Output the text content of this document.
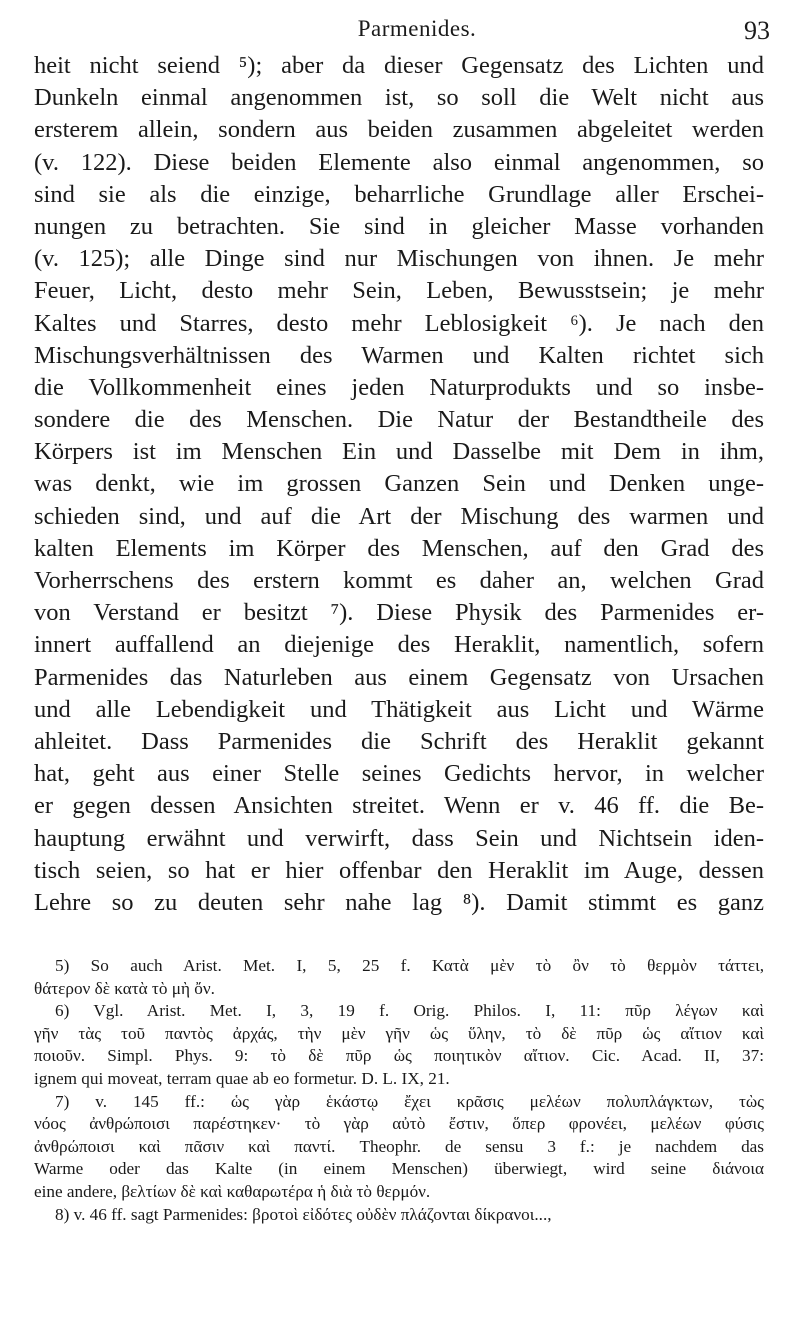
Parmenides.	93
heit nicht seiend ⁵); aber da dieser Gegensatz des Lichten und
Dunkeln einmal angenommen ist, so soll die Welt nicht aus
ersterem allein, sondern aus beiden zusammen abgeleitet werden
(v. 122). Diese beiden Elemente also einmal angenommen, so
sind sie als die einzige, beharrliche Grundlage aller Erschei-
nungen zu betrachten. Sie sind in gleicher Masse vorhanden
(v. 125); alle Dinge sind nur Mischungen von ihnen. Je mehr
Feuer, Licht, desto mehr Sein, Leben, Bewusstsein; je mehr
Kaltes und Starres, desto mehr Leblosigkeit ⁶). Je nach den
Mischungsverhältnissen des Warmen und Kalten richtet sich
die Vollkommenheit eines jeden Naturprodukts und so insbe-
sondere die des Menschen. Die Natur der Bestandtheile des
Körpers ist im Menschen Ein und Dasselbe mit Dem in ihm,
was denkt, wie im grossen Ganzen Sein und Denken unge-
schieden sind, und auf die Art der Mischung des warmen und
kalten Elements im Körper des Menschen, auf den Grad des
Vorherrschens des erstern kommt es daher an, welchen Grad
von Verstand er besitzt ⁷). Diese Physik des Parmenides er-
innert auffallend an diejenige des Heraklit, namentlich, sofern
Parmenides das Naturleben aus einem Gegensatz von Ursachen
und alle Lebendigkeit und Thätigkeit aus Licht und Wärme
ahleitet. Dass Parmenides die Schrift des Heraklit gekannt
hat, geht aus einer Stelle seines Gedichts hervor, in welcher
er gegen dessen Ansichten streitet. Wenn er v. 46 ff. die Be-
hauptung erwähnt und verwirft, dass Sein und Nichtsein iden-
tisch seien, so hat er hier offenbar den Heraklit im Auge, dessen
Lehre so zu deuten sehr nahe lag ⁸). Damit stimmt es ganz
5) So auch Arist. Met. I, 5, 25 f. Κατὰ μὲν τὸ ὂν τὸ θερμὸν τάττει,
θάτερον δὲ κατὰ τὸ μὴ ὄν.
6) Vgl. Arist. Met. I, 3, 19 f. Orig. Philos. I, 11: πῦρ λέγων καὶ
γῆν τὰς τοῦ παντὸς ἀρχάς, τὴν μὲν γῆν ὡς ὕλην, τὸ δὲ πῦρ ὡς αἴτιον καὶ
ποιοῦν. Simpl. Phys. 9: τὸ δὲ πῦρ ὡς ποιητικὸν αἴτιον. Cic. Acad. II, 37:
ignem qui moveat, terram quae ab eo formetur. D. L. IX, 21.
7) v. 145 ff.: ὡς γὰρ ἑκάστῳ ἔχει κρᾶσις μελέων πολυπλάγκτων, τὼς
νόος ἀνθρώποισι παρέστηκεν· τὸ γὰρ αὐτὸ ἔστιν, ὅπερ φρονέει, μελέων φύσις
ἀνθρώποισι καὶ πᾶσιν καὶ παντί. Theophr. de sensu 3 f.: je nachdem das
Warme oder das Kalte (in einem Menschen) überwiegt, wird seine διάνοια
eine andere, βελτίων δὲ καὶ καθαρωτέρα ἡ διὰ τὸ θερμόν.
8) v. 46 ff. sagt Parmenides: βροτοὶ εἰδότες οὐδὲν πλάζονται δίκρανοι...,
